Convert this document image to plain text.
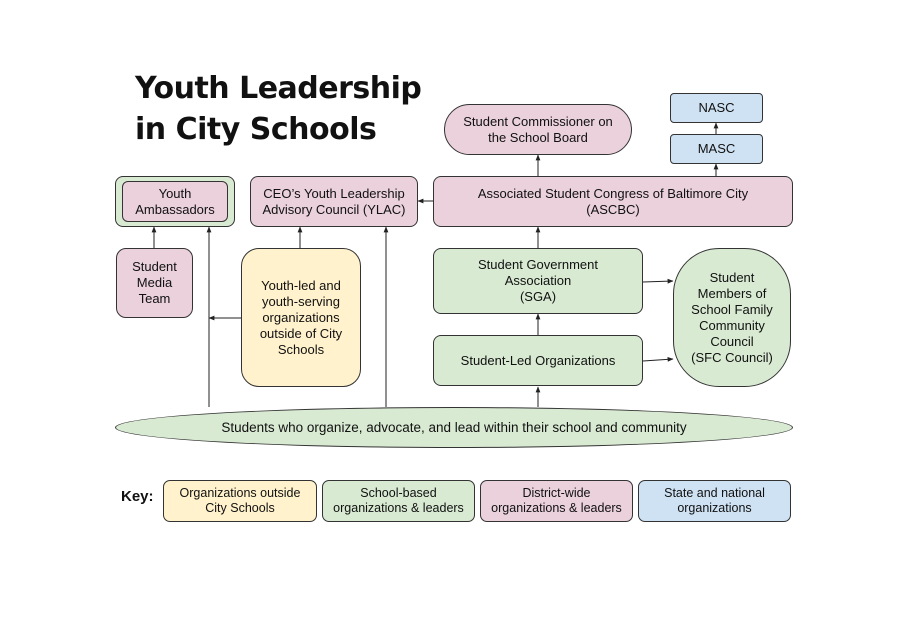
Youth Leadership
in City Schools	Student Commissioner on
the School Board
Youth
Ambassadors
CEO’s Youth Leadership
Advisory Council (YLAC)
Associated Student Congress of Baltimore City
(ASCBC)
Student
Media
Team
NASC
MASC
Youth-led and
youth-serving
organizations
outside of City
Schools
Student Government
Association
(SGA)
Student-Led Organizations
Student
Members of
School Family
Community
Council
(SFC Council)
Students who organize, advocate, and lead within their school and community
Key: Organizations outside
City Schools
School-based
organizations & leaders
District-wide
organizations & leaders
State and national
organizations
